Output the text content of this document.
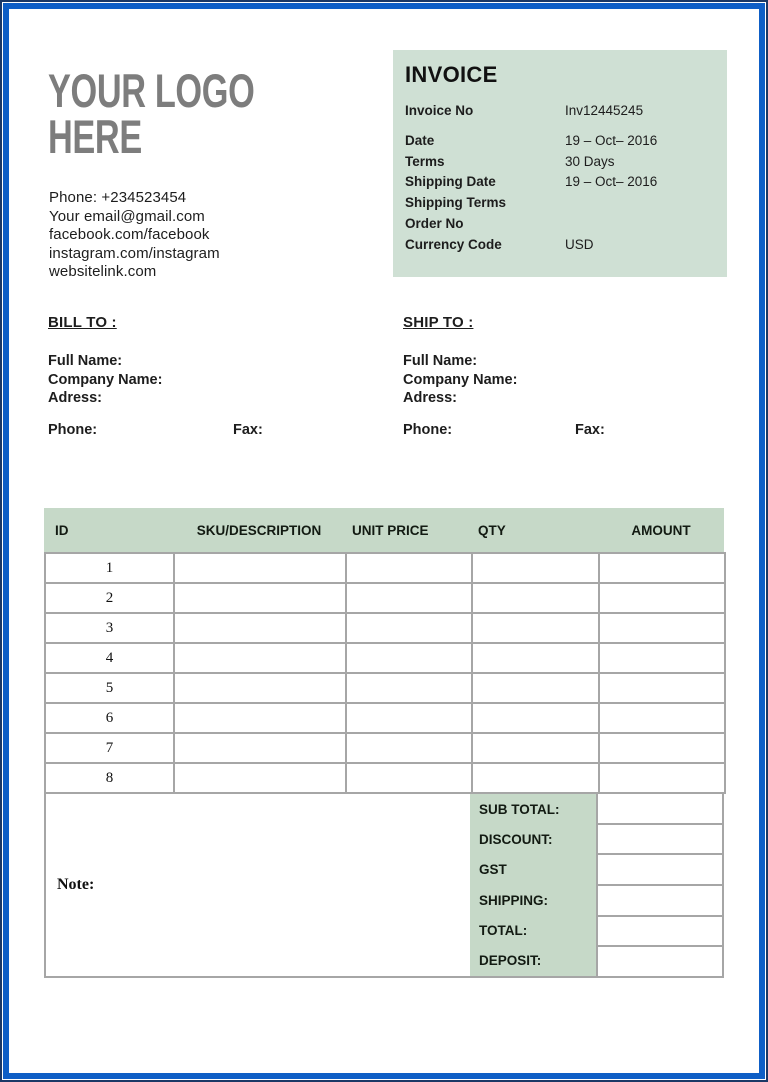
YOUR LOGO
HERE
Phone: +234523454
Your email@gmail.com
facebook.com/facebook
instagram.com/instagram
websitelink.com
INVOICE
Invoice No	Inv12445245
Date	19 – Oct– 2016
Terms	30 Days
Shipping Date	19 – Oct– 2016
Shipping Terms
Order No
Currency Code	USD
BILL TO :
Full Name:
Company Name:
Adress:
Phone:	Fax:
SHIP TO :
Full Name:
Company Name:
Adress:
Phone:	Fax:
ID	SKU/DESCRIPTION	UNIT PRICE	QTY	AMOUNT
1				
2				
3				
4				
5				
6				
7				
8				
Note:
SUB TOTAL:
DISCOUNT:
GST
SHIPPING:
TOTAL:
DEPOSIT:
